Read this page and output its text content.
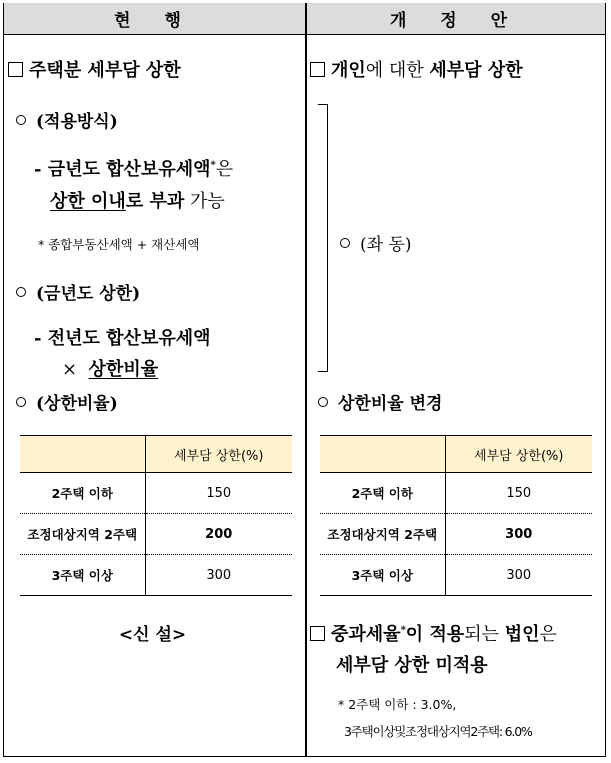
현 행	개 정 안
주택분 세부담 상한
(적용방식)
- 금년도 합산보유세액*은
상한 이내로 부과 가능
* 종합부동산세액 + 재산세액
(금년도 상한)
- 전년도 합산보유세액
× 상한비율
(상한비율)
	세부담 상한(%)
2주택 이하	150
조정대상지역 2주택	200
3주택 이상	300
<신 설>
개인에 대한 세부담 상한
(좌 동)
상한비율 변경
	세부담 상한(%)
2주택 이하	150
조정대상지역 2주택	300
3주택 이상	300
중과세율*이 적용되는 법인은
세부담 상한 미적용
* 2주택 이하 : 3.0%,
3주택이상및조정대상지역2주택: 6.0%
